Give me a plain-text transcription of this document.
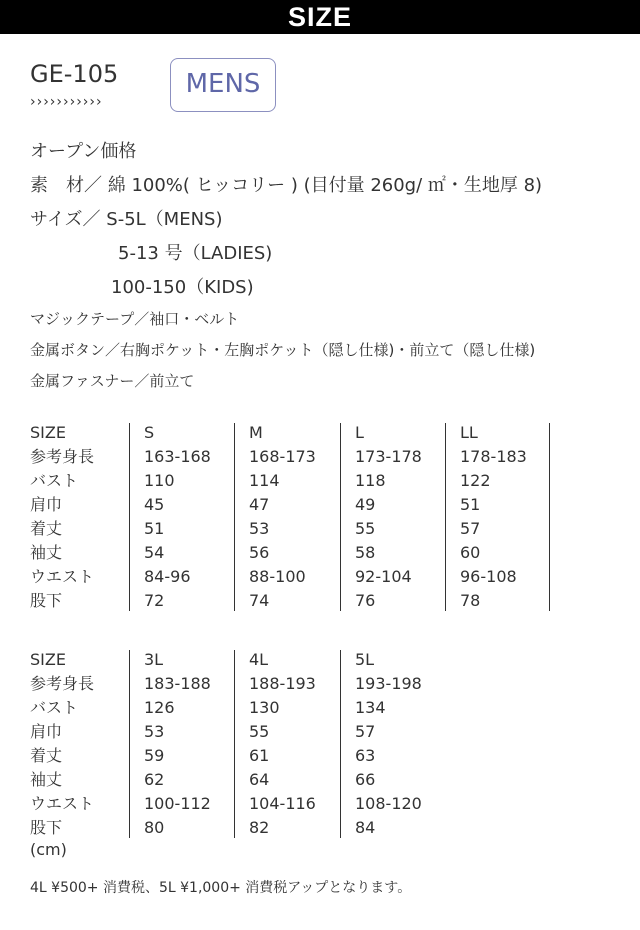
SIZE
GE-105
›››››››››››
MENS
オープン価格
素　材／ 綿 100%( ヒッコリー ) (目付量 260g/ ㎡・生地厚 8)
サイズ／ S-5L（MENS)
5-13 号（LADIES)
100-150（KIDS)
マジックテープ／袖口・ベルト
金属ボタン／右胸ポケット・左胸ポケット（隠し仕様)・前立て（隠し仕様)
金属ファスナー／前立て
SIZE	S	M	L	LL
参考身長	163-168 168-173 173-178 178-183
バスト	110	114	118	122
肩巾	45	47	49	51
着丈	51	53	55	57
袖丈	54	56	58	60
ウエスト	84-96	88-100	92-104	96-108
股下	72	74	76	78
SIZE	3L	4L	5L
参考身長	183-188 188-193 193-198
バスト	126	130	134
肩巾	53	55	57
着丈	59	61	63
袖丈	62	64	66
ウエスト	100-112 104-116 108-120
股下	80	82	84
(cm)
4L ¥500+ 消費税、5L ¥1,000+ 消費税アップとなります。
